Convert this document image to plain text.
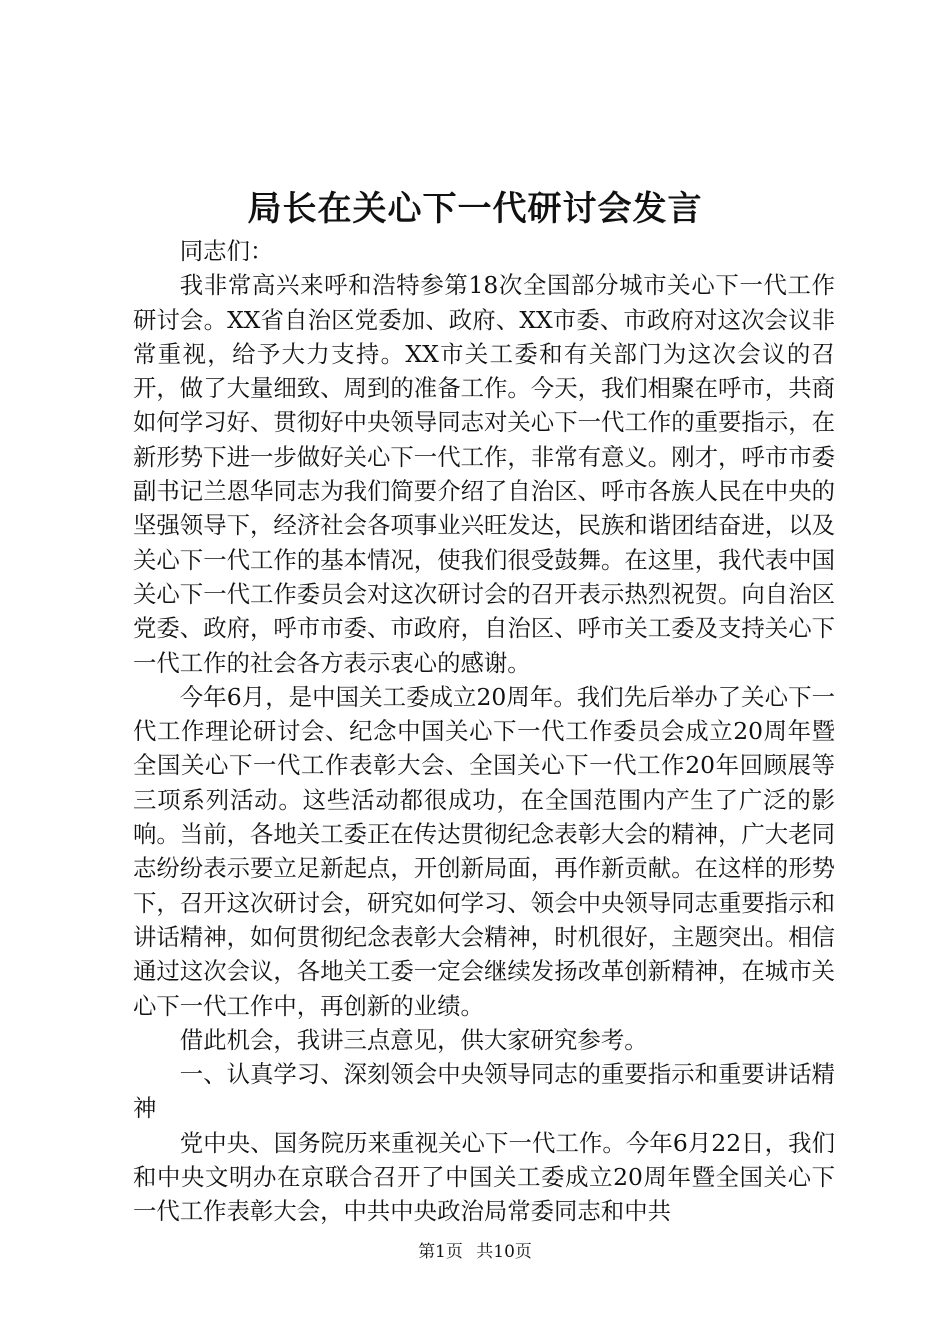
局长在关心下一代研讨会发言

同志们：

我非常高兴来呼和浩特参第18次全国部分城市关心下一代工作研讨会。XX省自治区党委加、政府、XX市委、市政府对这次会议非常重视，给予大力支持。XX市关工委和有关部门为这次会议的召开，做了大量细致、周到的准备工作。今天，我们相聚在呼市，共商如何学习好、贯彻好中央领导同志对关心下一代工作的重要指示，在新形势下进一步做好关心下一代工作，非常有意义。刚才，呼市市委副书记兰恩华同志为我们简要介绍了自治区、呼市各族人民在中央的坚强领导下，经济社会各项事业兴旺发达，民族和谐团结奋进，以及关心下一代工作的基本情况，使我们很受鼓舞。在这里，我代表中国关心下一代工作委员会对这次研讨会的召开表示热烈祝贺。向自治区党委、政府，呼市市委、市政府，自治区、呼市关工委及支持关心下一代工作的社会各方表示衷心的感谢。

今年6月，是中国关工委成立20周年。我们先后举办了关心下一代工作理论研讨会、纪念中国关心下一代工作委员会成立20周年暨全国关心下一代工作表彰大会、全国关心下一代工作20年回顾展等三项系列活动。这些活动都很成功，在全国范围内产生了广泛的影响。当前，各地关工委正在传达贯彻纪念表彰大会的精神，广大老同志纷纷表示要立足新起点，开创新局面，再作新贡献。在这样的形势下，召开这次研讨会，研究如何学习、领会中央领导同志重要指示和讲话精神，如何贯彻纪念表彰大会精神，时机很好，主题突出。相信通过这次会议，各地关工委一定会继续发扬改革创新精神，在城市关心下一代工作中，再创新的业绩。

借此机会，我讲三点意见，供大家研究参考。

一、认真学习、深刻领会中央领导同志的重要指示和重要讲话精神

党中央、国务院历来重视关心下一代工作。今年6月22日，我们和中央文明办在京联合召开了中国关工委成立20周年暨全国关心下一代工作表彰大会，中共中央政治局常委同志和中共

第1页 共10页
